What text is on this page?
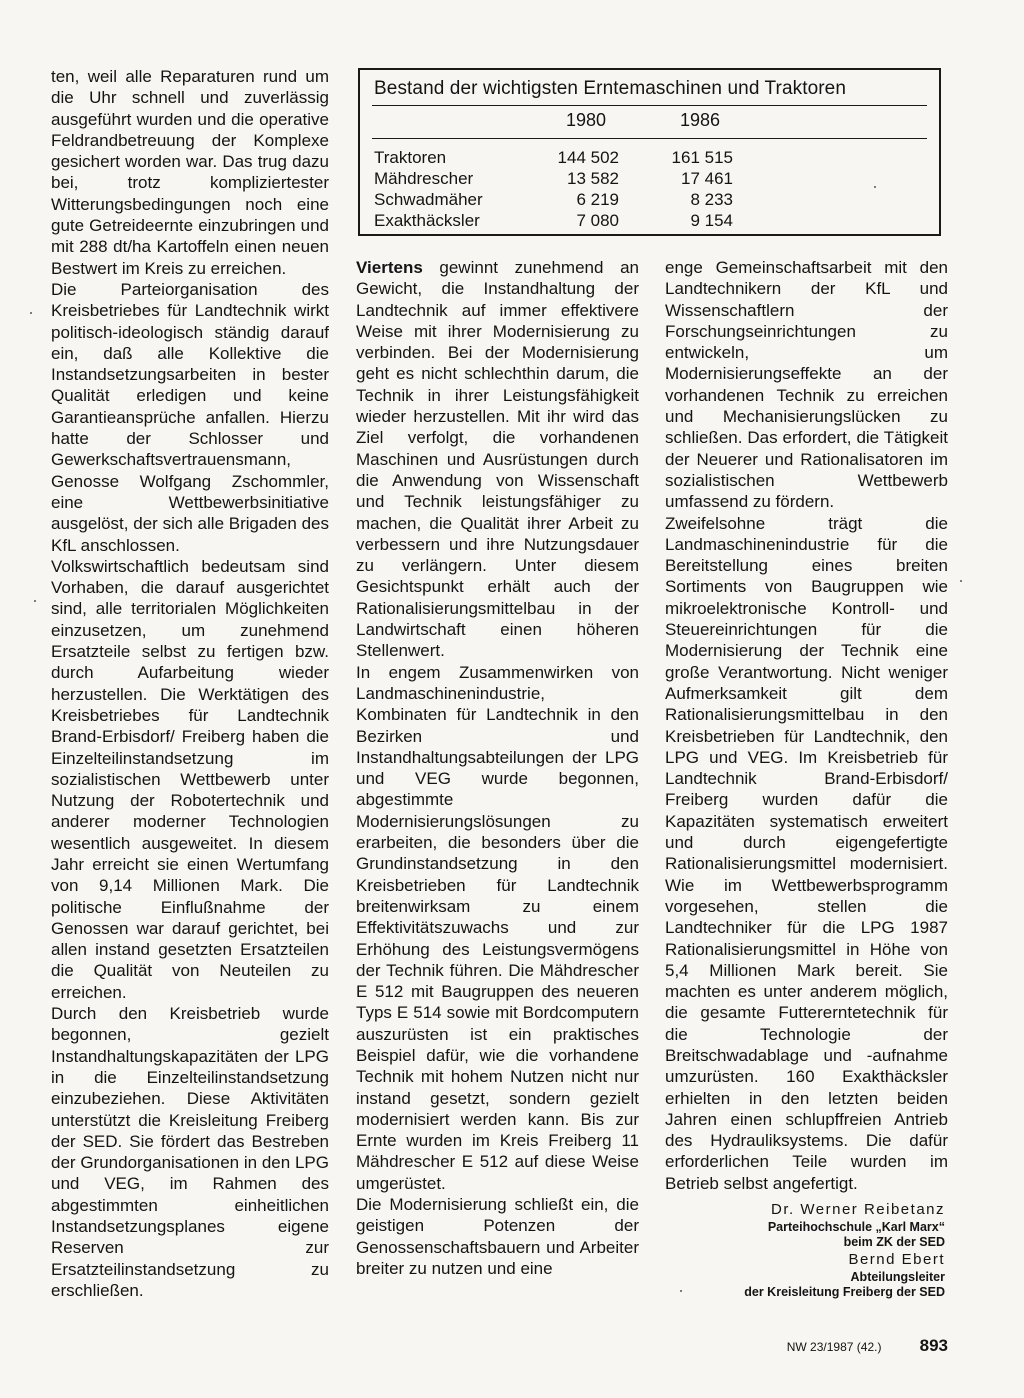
ten, weil alle Reparaturen rund um die Uhr schnell und zuverlässig ausgeführt wurden und die operative Feldrandbetreuung der Komplexe gesichert worden war. Das trug dazu bei, trotz kompliziertester Witterungsbedingungen noch eine gute Getreideernte einzubringen und mit 288 dt/ha Kartoffeln einen neuen Bestwert im Kreis zu erreichen.

Die Parteiorganisation des Kreisbetriebes für Landtechnik wirkt politisch-ideologisch ständig darauf ein, daß alle Kollektive die Instandsetzungsarbeiten in bester Qualität erledigen und keine Garantieansprüche anfallen. Hierzu hatte der Schlosser und Gewerkschaftsvertrauensmann, Genosse Wolfgang Zschommler, eine Wettbewerbsinitiative ausgelöst, der sich alle Brigaden des KfL anschlossen.

Volkswirtschaftlich bedeutsam sind Vorhaben, die darauf ausgerichtet sind, alle territorialen Möglichkeiten einzusetzen, um zunehmend Ersatzteile selbst zu fertigen bzw. durch Aufarbeitung wieder herzustellen. Die Werktätigen des Kreisbetriebes für Landtechnik Brand-Erbisdorf/ Freiberg haben die Einzelteilinstandsetzung im sozialistischen Wettbewerb unter Nutzung der Robotertechnik und anderer moderner Technologien wesentlich ausgeweitet. In diesem Jahr erreicht sie einen Wertumfang von 9,14 Millionen Mark. Die politische Einflußnahme der Genossen war darauf gerichtet, bei allen instand gesetzten Ersatzteilen die Qualität von Neuteilen zu erreichen.

Durch den Kreisbetrieb wurde begonnen, gezielt Instandhaltungskapazitäten der LPG in die Einzelteilinstandsetzung einzubeziehen. Diese Aktivitäten unterstützt die Kreisleitung Freiberg der SED. Sie fördert das Bestreben der Grundorganisationen in den LPG und VEG, im Rahmen des abgestimmten einheitlichen Instandsetzungsplanes eigene Reserven zur Ersatzteilinstandsetzung zu erschließen.

Bestand der wichtigsten Erntemaschinen und Traktoren
1980	1986
Traktoren	144 502	161 515
Mähdrescher	13 582	17 461
Schwadmäher	6 219	8 233
Exakthäcksler	7 080	9 154

Viertens gewinnt zunehmend an Gewicht, die Instandhaltung der Landtechnik auf immer effektivere Weise mit ihrer Modernisierung zu verbinden. Bei der Modernisierung geht es nicht schlechthin darum, die Technik in ihrer Leistungsfähigkeit wieder herzustellen. Mit ihr wird das Ziel verfolgt, die vorhandenen Maschinen und Ausrüstungen durch die Anwendung von Wissenschaft und Technik leistungsfähiger zu machen, die Qualität ihrer Arbeit zu verbessern und ihre Nutzungsdauer zu verlängern. Unter diesem Gesichtspunkt erhält auch der Rationalisierungsmittelbau in der Landwirtschaft einen höheren Stellenwert.

In engem Zusammenwirken von Landmaschinenindustrie, Kombinaten für Landtechnik in den Bezirken und Instandhaltungsabteilungen der LPG und VEG wurde begonnen, abgestimmte Modernisierungslösungen zu erarbeiten, die besonders über die Grundinstandsetzung in den Kreisbetrieben für Landtechnik breitenwirksam zu einem Effektivitätszuwachs und zur Erhöhung des Leistungsvermögens der Technik führen. Die Mähdrescher E 512 mit Baugruppen des neueren Typs E 514 sowie mit Bordcomputern auszurüsten ist ein praktisches Beispiel dafür, wie die vorhandene Technik mit hohem Nutzen nicht nur instand gesetzt, sondern gezielt modernisiert werden kann. Bis zur Ernte wurden im Kreis Freiberg 11 Mähdrescher E 512 auf diese Weise umgerüstet.

Die Modernisierung schließt ein, die geistigen Potenzen der Genossenschaftsbauern und Arbeiter breiter zu nutzen und eine

enge Gemeinschaftsarbeit mit den Landtechnikern der KfL und Wissenschaftlern der Forschungseinrichtungen zu entwickeln, um Modernisierungseffekte an der vorhandenen Technik zu erreichen und Mechanisierungslücken zu schließen. Das erfordert, die Tätigkeit der Neuerer und Rationalisatoren im sozialistischen Wettbewerb umfassend zu fördern.

Zweifelsohne trägt die Landmaschinenindustrie für die Bereitstellung eines breiten Sortiments von Baugruppen wie mikroelektronische Kontroll- und Steuereinrichtungen für die Modernisierung der Technik eine große Verantwortung. Nicht weniger Aufmerksamkeit gilt dem Rationalisierungsmittelbau in den Kreisbetrieben für Landtechnik, den LPG und VEG. Im Kreisbetrieb für Landtechnik Brand-Erbisdorf/ Freiberg wurden dafür die Kapazitäten systematisch erweitert und durch eigengefertigte Rationalisierungsmittel modernisiert. Wie im Wettbewerbsprogramm vorgesehen, stellen die Landtechniker für die LPG 1987 Rationalisierungsmittel in Höhe von 5,4 Millionen Mark bereit. Sie machten es unter anderem möglich, die gesamte Futtererntetechnik für die Technologie der Breitschwadablage und -aufnahme umzurüsten. 160 Exakthäcksler erhielten in den letzten beiden Jahren einen schlupffreien Antrieb des Hydrauliksystems. Die dafür erforderlichen Teile wurden im Betrieb selbst angefertigt.

Dr. Werner Reibetanz

Parteihochschule „Karl Marx“

beim ZK der SED

Bernd Ebert

Abteilungsleiter

der Kreisleitung Freiberg der SED

NW 23/1987 (42.) 893
